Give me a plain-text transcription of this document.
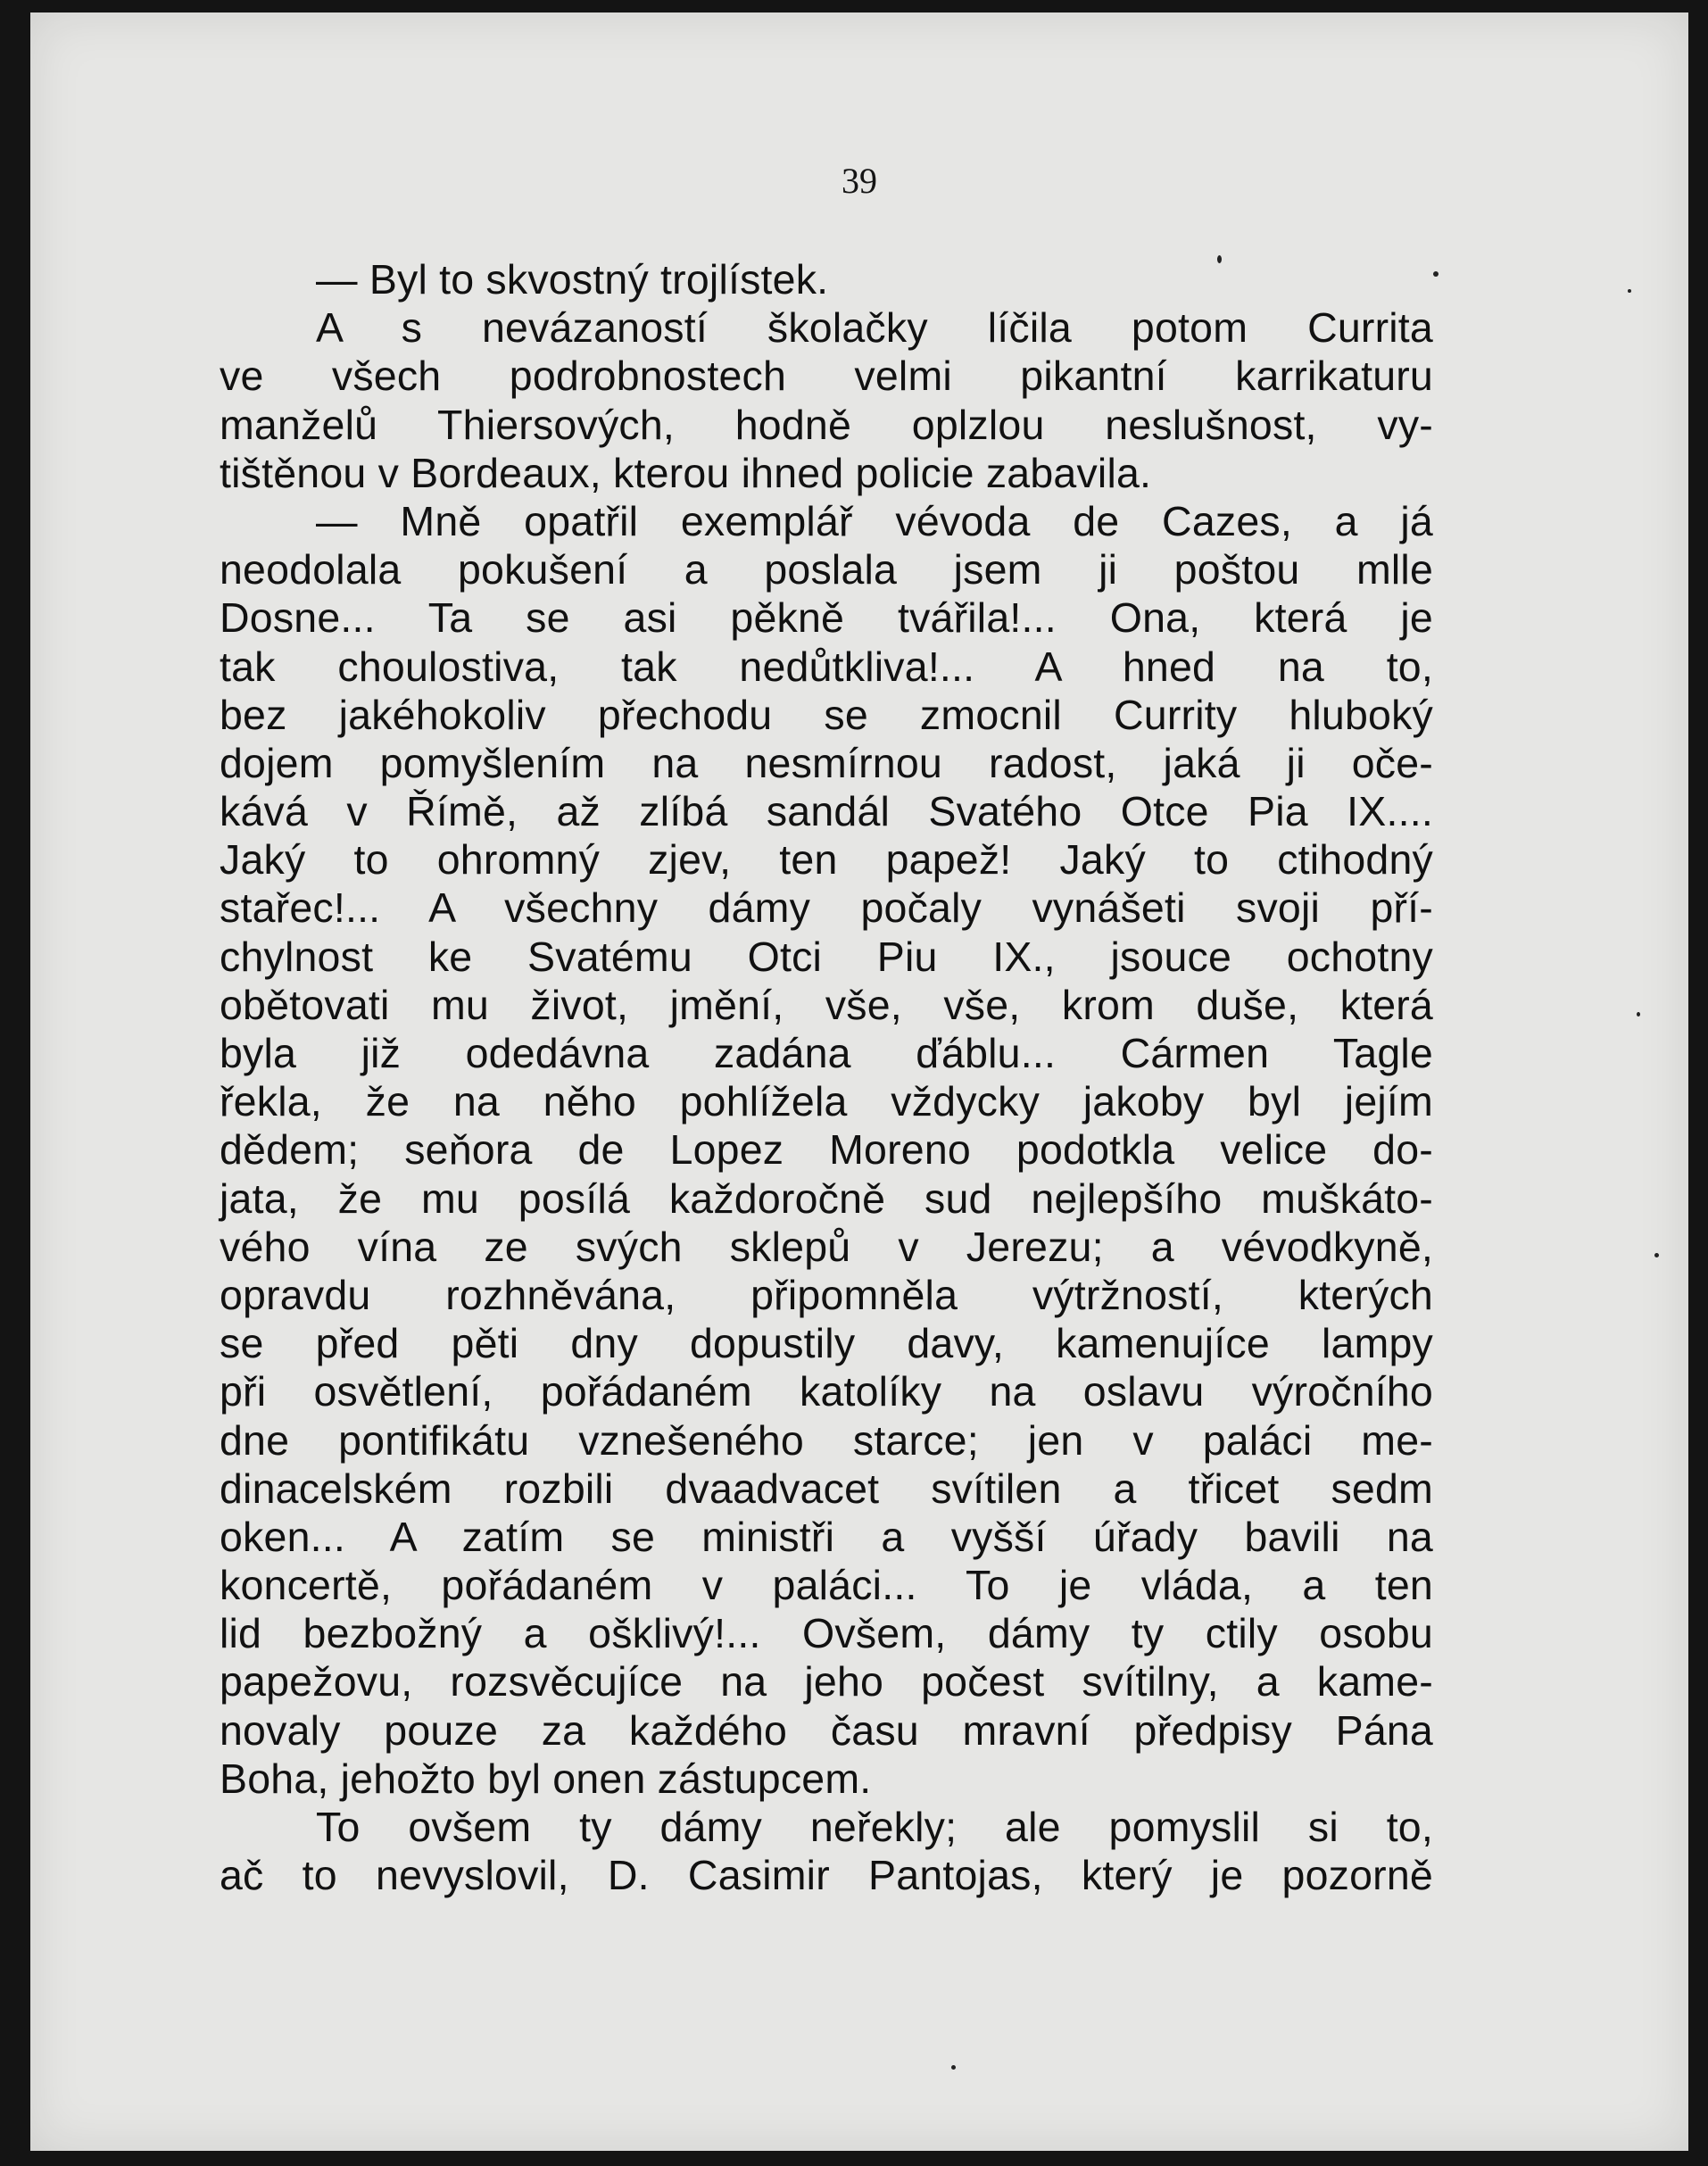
39
— Byl to skvostný trojlístek.
A s nevázaností školačky líčila potom Currita
ve všech podrobnostech velmi pikantní karrikaturu
manželů Thiersových, hodně oplzlou neslušnost, vy-
tištěnou v Bordeaux, kterou ihned policie zabavila.
— Mně opatřil exemplář vévoda de Cazes, a já
neodolala pokušení a poslala jsem ji poštou mlle
Dosne... Ta se asi pěkně tvářila!... Ona, která je
tak choulostiva, tak nedůtkliva!... A hned na to,
bez jakéhokoliv přechodu se zmocnil Currity hluboký
dojem pomyšlením na nesmírnou radost, jaká ji oče-
kává v Římě, až zlíbá sandál Svatého Otce Pia IX....
Jaký to ohromný zjev, ten papež! Jaký to ctihodný
stařec!... A všechny dámy počaly vynášeti svoji pří-
chylnost ke Svatému Otci Piu IX., jsouce ochotny
obětovati mu život, jmění, vše, vše, krom duše, která
byla již odedávna zadána ďáblu... Cármen Tagle
řekla, že na něho pohlížela vždycky jakoby byl jejím
dědem; seňora de Lopez Moreno podotkla velice do-
jata, že mu posílá každoročně sud nejlepšího muškáto-
vého vína ze svých sklepů v Jerezu; a vévodkyně,
opravdu rozhněvána, připomněla výtržností, kterých
se před pěti dny dopustily davy, kamenujíce lampy
při osvětlení, pořádaném katolíky na oslavu výročního
dne pontifikátu vznešeného starce; jen v paláci me-
dinacelském rozbili dvaadvacet svítilen a třicet sedm
oken... A zatím se ministři a vyšší úřady bavili na
koncertě, pořádaném v paláci... To je vláda, a ten
lid bezbožný a ošklivý!... Ovšem, dámy ty ctily osobu
papežovu, rozsvěcujíce na jeho počest svítilny, a kame-
novaly pouze za každého času mravní předpisy Pána
Boha, jehožto byl onen zástupcem.
To ovšem ty dámy neřekly; ale pomyslil si to,
ač to nevyslovil, D. Casimir Pantojas, který je pozorně
